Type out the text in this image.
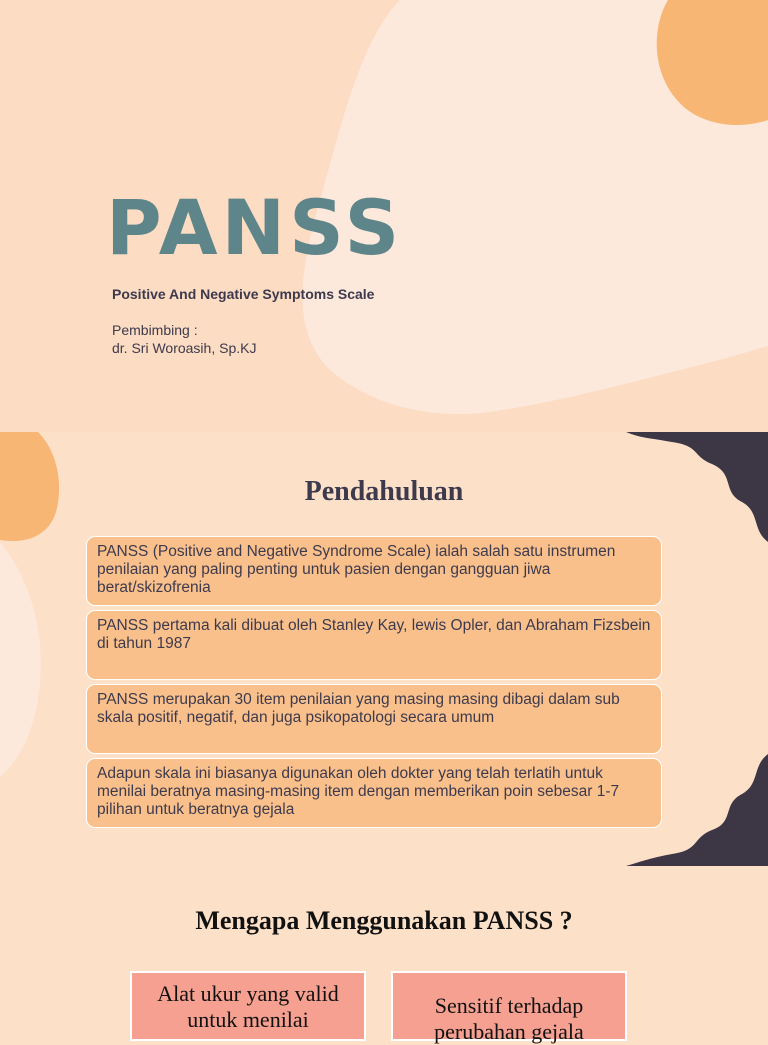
PANSS
Positive And Negative Symptoms Scale
Pembimbing :
dr. Sri Woroasih, Sp.KJ
Pendahuluan
PANSS (Positive and Negative Syndrome Scale) ialah salah satu instrumen penilaian yang paling penting untuk pasien dengan gangguan jiwa berat/skizofrenia
PANSS pertama kali dibuat oleh Stanley Kay, lewis Opler, dan Abraham Fizsbein di tahun 1987
PANSS merupakan 30 item penilaian yang masing masing dibagi dalam sub skala positif, negatif, dan juga psikopatologi secara umum
Adapun skala ini biasanya digunakan oleh dokter yang telah terlatih untuk menilai beratnya masing-masing item dengan memberikan poin sebesar 1-7 pilihan untuk beratnya gejala
Mengapa Menggunakan PANSS ?
Alat ukur yang valid untuk menilai
Sensitif terhadap perubahan gejala
